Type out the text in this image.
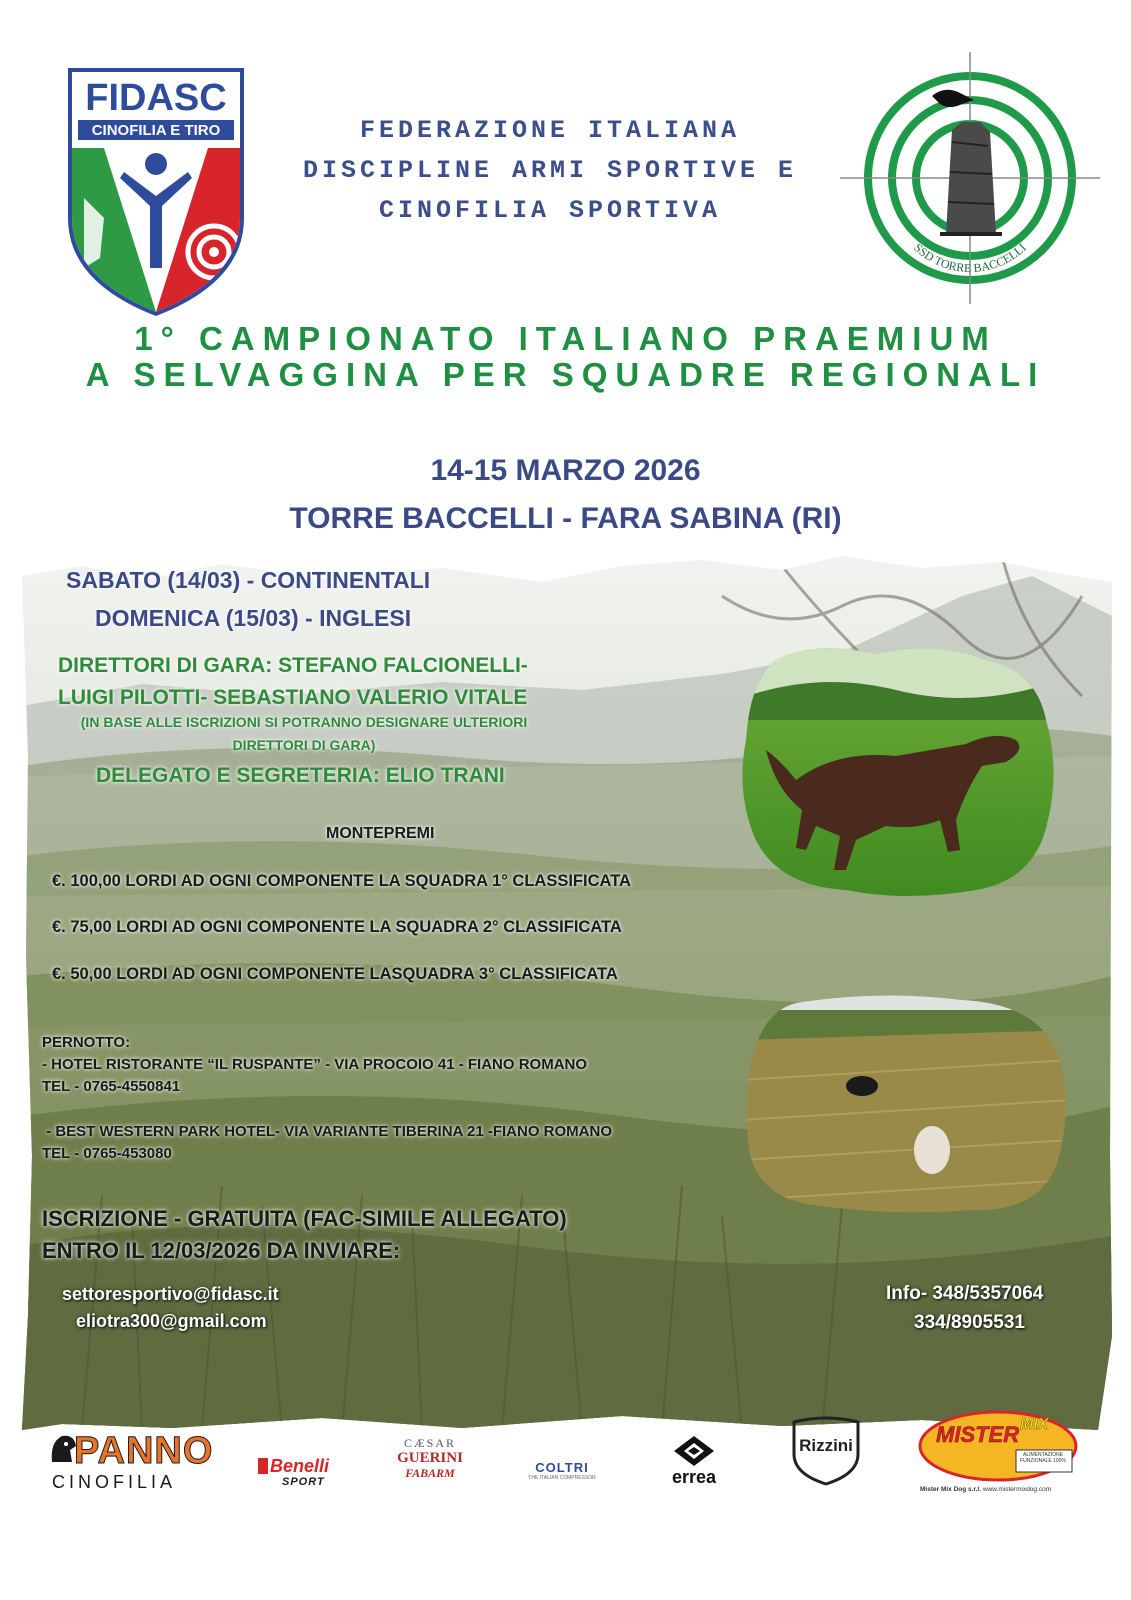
FIDASC
CINOFILIA E TIRO	FEDERAZIONE ITALIANA
DISCIPLINE ARMI SPORTIVE E
CINOFILIA SPORTIVA
SSD TORRE BACCELLI
1° CAMPIONATO ITALIANO PRAEMIUM
A SELVAGGINA PER SQUADRE REGIONALI
14-15 MARZO 2026
TORRE BACCELLI - FARA SABINA (RI)
SABATO (14/03) - CONTINENTALI
DOMENICA (15/03) - INGLESI
DIRETTORI DI GARA: STEFANO FALCIONELLI-
LUIGI PILOTTI- SEBASTIANO VALERIO VITALE
(IN BASE ALLE ISCRIZIONI SI POTRANNO DESIGNARE ULTERIORI
DIRETTORI DI GARA)
DELEGATO E SEGRETERIA: ELIO TRANI
MONTEPREMI
€. 100,00 LORDI AD OGNI COMPONENTE LA SQUADRA 1° CLASSIFICATA
€. 75,00 LORDI AD OGNI COMPONENTE LA SQUADRA 2° CLASSIFICATA
€. 50,00 LORDI AD OGNI COMPONENTE LASQUADRA 3° CLASSIFICATA
PERNOTTO:
- HOTEL RISTORANTE “IL RUSPANTE” - VIA PROCOIO 41 - FIANO ROMANO
TEL - 0765-4550841
- BEST WESTERN PARK HOTEL- VIA VARIANTE TIBERINA 21 -FIANO ROMANO
TEL - 0765-453080
ISCRIZIONE - GRATUITA (FAC-SIMILE ALLEGATO)
ENTRO IL 12/03/2026 DA INVIARE:
settoresportivo@fidasc.it
eliotra300@gmail.com
Info- 348/5357064
334/8905531
PANNO
CINOFILIA
Benelli
SPORT
CÆSAR
GUERINI
FABARM	COLTRI
THE ITALIAN COMPRESSOR	errea
Rizzini	MISTER MIX
ALIMENTAZIONE FUNZIONALE 100%
Mister Mix Dog s.r.l. www.mistermixdog.com
